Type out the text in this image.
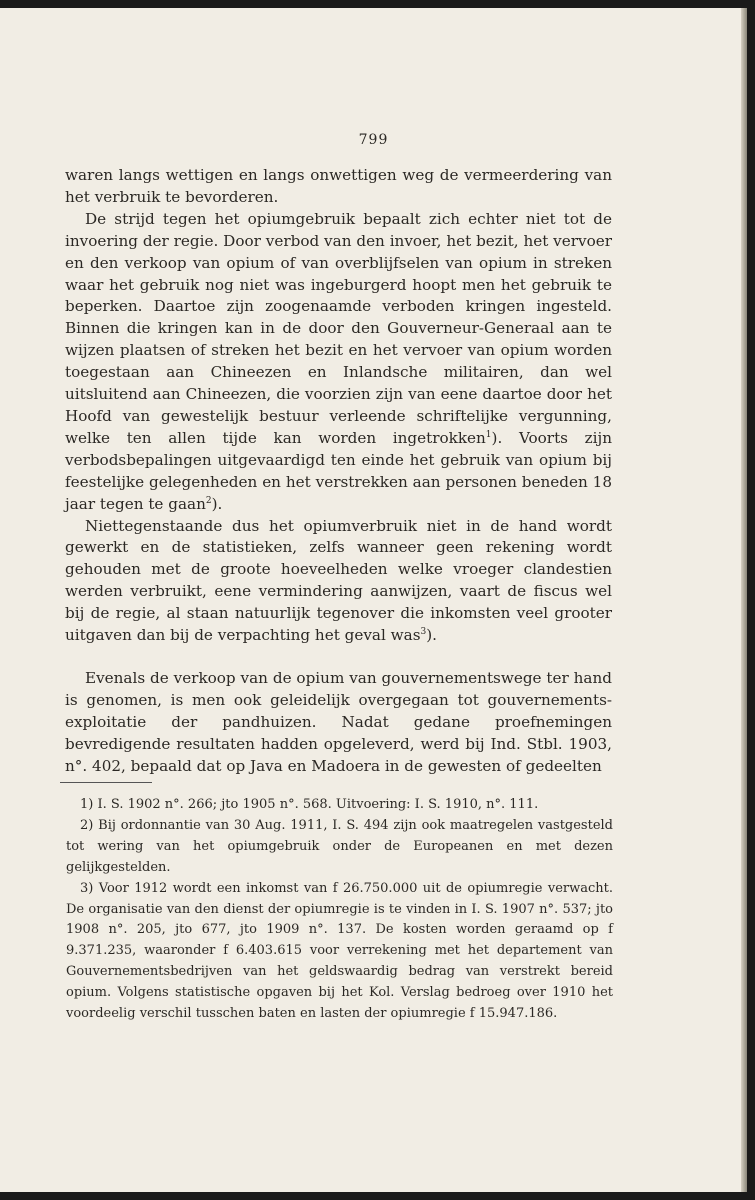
799

waren langs wettigen en langs onwettigen weg de vermeerdering van het verbruik te bevorderen.

De strijd tegen het opiumgebruik bepaalt zich echter niet tot de invoering der regie. Door verbod van den invoer, het bezit, het vervoer en den verkoop van opium of van overblijfselen van opium in streken waar het gebruik nog niet was ingeburgerd hoopt men het gebruik te beperken. Daartoe zijn zoogenaamde verboden kringen ingesteld. Binnen die kringen kan in de door den Gouverneur-Generaal aan te wijzen plaatsen of streken het bezit en het vervoer van opium worden toegestaan aan Chineezen en Inlandsche militairen, dan wel uitsluitend aan Chineezen, die voorzien zijn van eene daartoe door het Hoofd van gewestelijk bestuur verleende schriftelijke vergunning, welke ten allen tijde kan worden ingetrokken$^1$). Voorts zijn verbodsbepalingen uitgevaardigd ten einde het gebruik van opium bij feestelijke gelegenheden en het verstrekken aan personen beneden 18 jaar tegen te gaan$^2$).

Niettegenstaande dus het opiumverbruik niet in de hand wordt gewerkt en de statistieken, zelfs wanneer geen rekening wordt gehouden met de groote hoeveelheden welke vroeger clandestien werden verbruikt, eene vermindering aanwijzen, vaart de fiscus wel bij de regie, al staan natuurlijk tegenover die inkomsten veel grooter uitgaven dan bij de verpachting het geval was$^3$).

Evenals de verkoop van de opium van gouvernementswege ter hand is genomen, is men ook geleidelijk overgegaan tot gouvernements-exploitatie der pandhuizen. Nadat gedane proefnemingen bevredigende resultaten hadden opgeleverd, werd bij Ind. Stbl. 1903, n°. 402, bepaald dat op Java en Madoera in de gewesten of gedeelten

1) I. S. 1902 n°. 266; jto 1905 n°. 568. Uitvoering: I. S. 1910, n°. 111.

2) Bij ordonnantie van 30 Aug. 1911, I. S. 494 zijn ook maatregelen vastgesteld tot wering van het opiumgebruik onder de Europeanen en met dezen gelijkgestelden.

3) Voor 1912 wordt een inkomst van f 26.750.000 uit de opiumregie verwacht. De organisatie van den dienst der opiumregie is te vinden in I. S. 1907 n°. 537; jto 1908 n°. 205, jto 677, jto 1909 n°. 137. De kosten worden geraamd op f 9.371.235, waaronder f 6.403.615 voor verrekening met het departement van Gouvernementsbedrijven van het geldswaardig bedrag van verstrekt bereid opium. Volgens statistische opgaven bij het Kol. Verslag bedroeg over 1910 het voordeelig verschil tusschen baten en lasten der opiumregie f 15.947.186.
